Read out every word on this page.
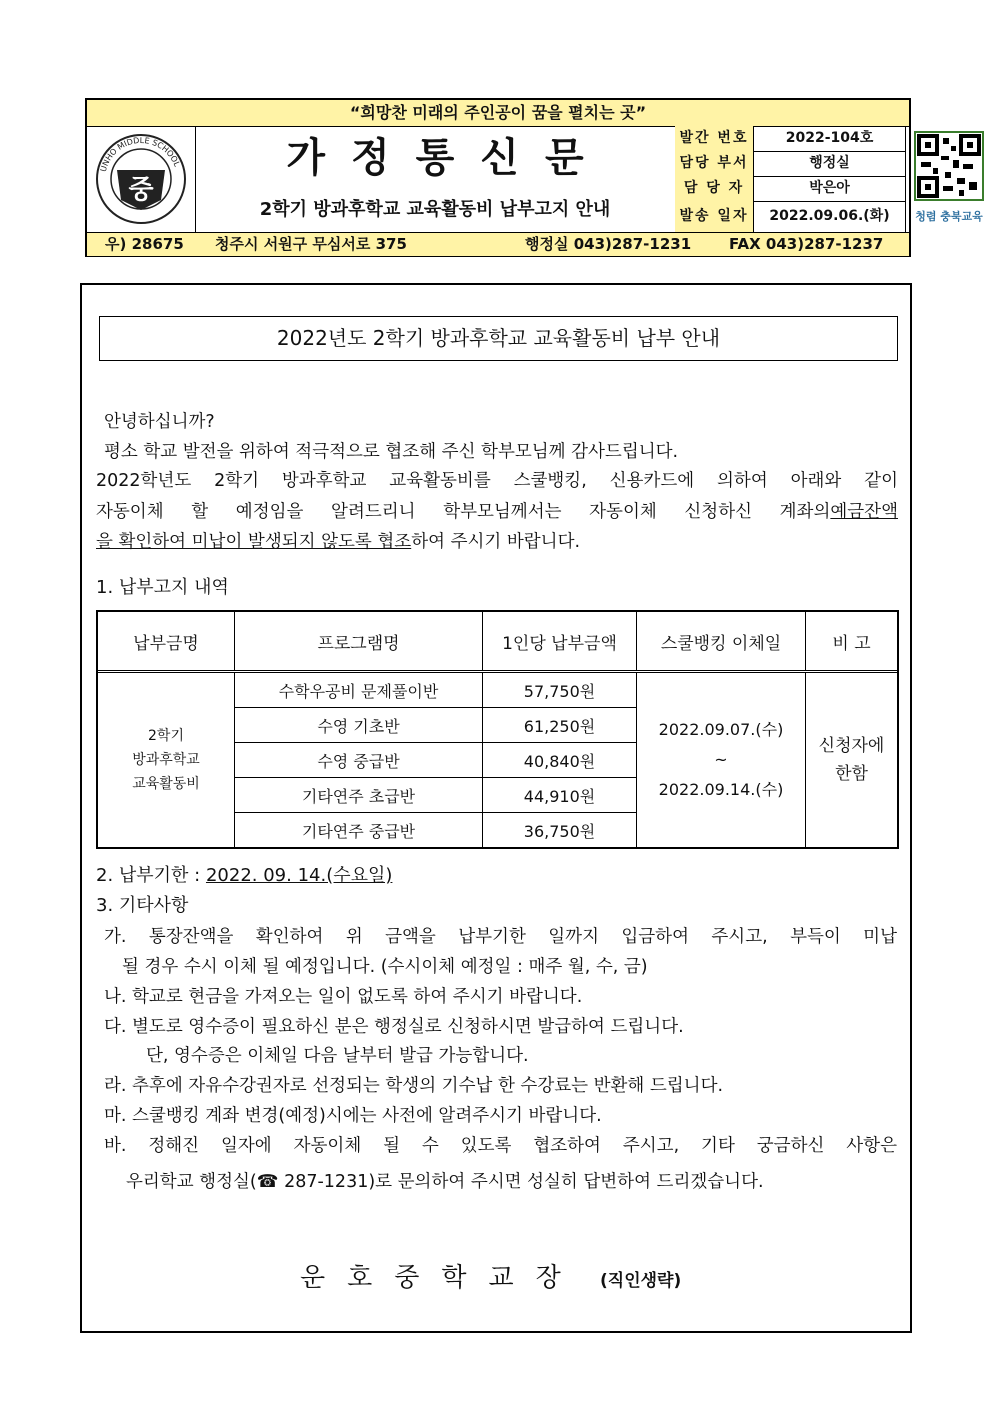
“희망찬 미래의 주인공이 꿈을 펼치는 곳”
중
UNHO MIDDLE SCHOOL	가정통신문
2학기 방과후학교 교육활동비 납부고지 안내
발간 번호	2022-104호
담당 부서	행정실
담 당 자	박은아
발송 일자	2022.09.06.(화)	청렴 충북교육
우) 28675 청주시 서원구 무심서로 375	행정실 043)287-1231	FAX 043)287-1237
2022년도 2학기 방과후학교 교육활동비 납부 안내
안녕하십니까?
평소 학교 발전을 위하여 적극적으로 협조해 주신 학부모님께 감사드립니다.
2022학년도 2학기 방과후학교 교육활동비를 스쿨뱅킹, 신용카드에 의하여 아래와 같이
자동이체 할 예정임을 알려드리니 학부모님께서는 자동이체 신청하신 계좌의 예금잔액
을 확인하여 미납이 발생되지 않도록 협조하여 주시기 바랍니다.
1. 납부고지 내역
납부금명	프로그램명	1인당 납부금액	스쿨뱅킹 이체일	비 고
2학기
방과후학교
교육활동비
수학우공비 문제풀이반	57,750원
수영 기초반	61,250원
수영 중급반	40,840원
기타연주 초급반	44,910원
기타연주 중급반	36,750원
2022.09.07.(수)
~
2022.09.14.(수)
신청자에
한함
2. 납부기한 : 2022. 09. 14.(수요일)
3. 기타사항
가. 통장잔액을 확인하여 위 금액을 납부기한 일까지 입금하여 주시고, 부득이 미납
될 경우 수시 이체 될 예정입니다. (수시이체 예정일 : 매주 월, 수, 금)
나. 학교로 현금을 가져오는 일이 없도록 하여 주시기 바랍니다.
다. 별도로 영수증이 필요하신 분은 행정실로 신청하시면 발급하여 드립니다.
단, 영수증은 이체일 다음 날부터 발급 가능합니다.
라. 추후에 자유수강권자로 선정되는 학생의 기수납 한 수강료는 반환해 드립니다.
마. 스쿨뱅킹 계좌 변경(예정)시에는 사전에 알려주시기 바랍니다.
바. 정해진 일자에 자동이체 될 수 있도록 협조하여 주시고, 기타 궁금하신 사항은
우리학교 행정실(☎ 287-1231)로 문의하여 주시면 성실히 답변하여 드리겠습니다.
운호중학교장 (직인생략)
